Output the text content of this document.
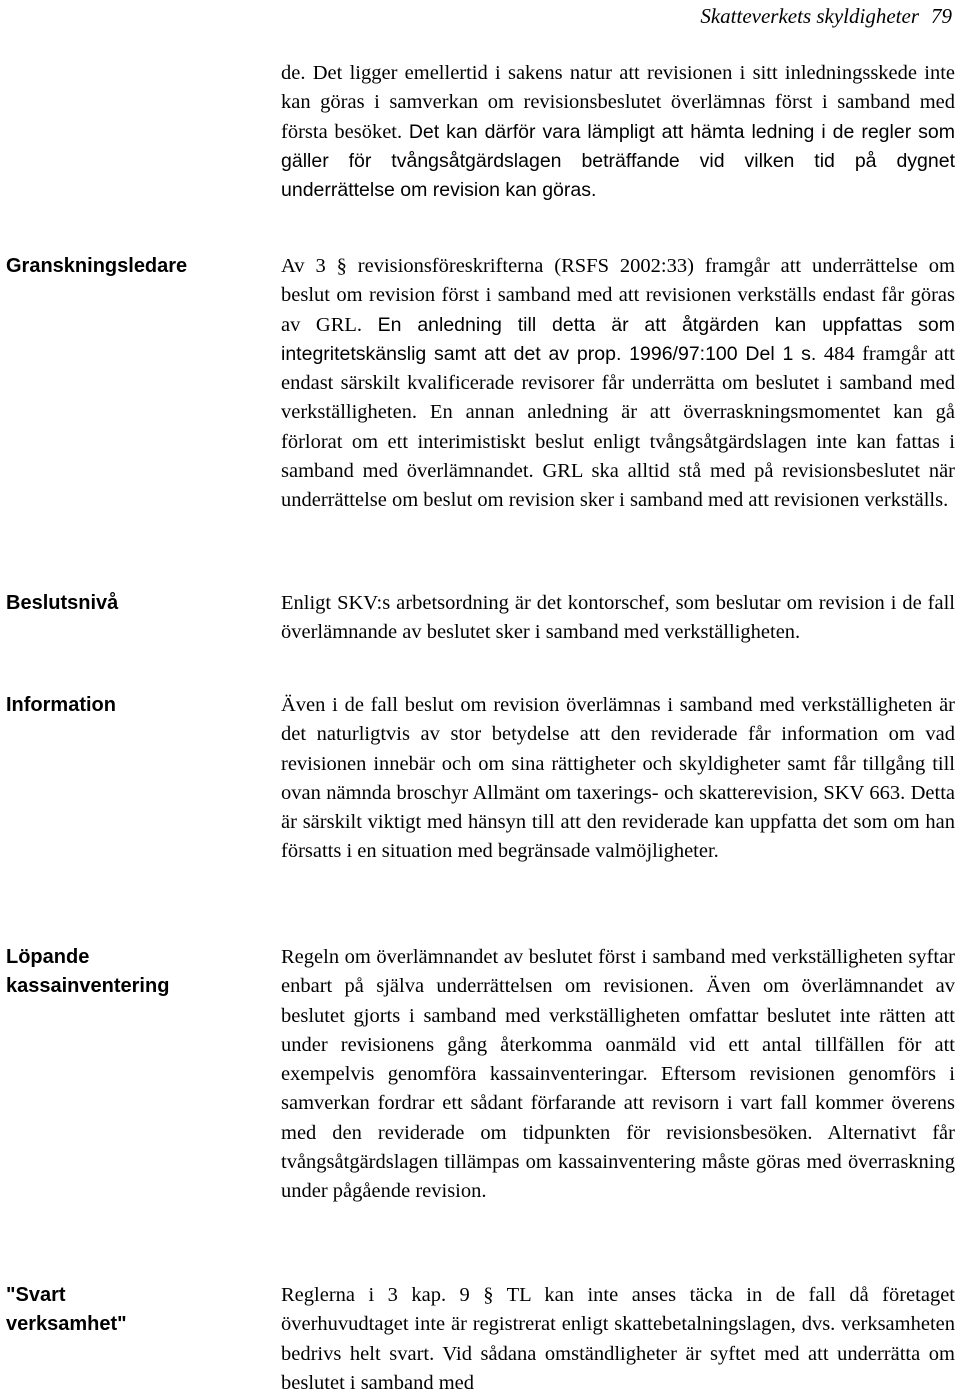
Skatteverkets skyldigheter 79
Granskningsledare
Beslutsnivå
Information
Löpande
kassainventering
"Svart
verksamhet"
de. Det ligger emellertid i sakens natur att revisionen i sitt inledningsskede inte kan göras i samverkan om revisionsbeslutet överlämnas först i samband med första besöket. Det kan därför vara lämpligt att hämta ledning i de regler som gäller för tvångsåtgärdslagen beträffande vid vilken tid på dygnet underrättelse om revision kan göras.
Av 3 § revisionsföreskrifterna (RSFS 2002:33) framgår att underrättelse om beslut om revision först i samband med att revisionen verkställs endast får göras av GRL. En anledning till detta är att åtgärden kan uppfattas som integritetskänslig samt att det av prop. 1996/97:100 Del 1 s. 484 framgår att endast särskilt kvalificerade revisorer får underrätta om beslutet i samband med verkställigheten. En annan anledning är att överraskningsmomentet kan gå förlorat om ett interimistiskt beslut enligt tvångsåtgärdslagen inte kan fattas i samband med överlämnandet. GRL ska alltid stå med på revisionsbeslutet när underrättelse om beslut om revision sker i samband med att revisionen verkställs.
Enligt SKV:s arbetsordning är det kontorschef, som beslutar om revision i de fall överlämnande av beslutet sker i samband med verkställigheten.
Även i de fall beslut om revision överlämnas i samband med verkställigheten är det naturligtvis av stor betydelse att den reviderade får information om vad revisionen innebär och om sina rättigheter och skyldigheter samt får tillgång till ovan nämnda broschyr Allmänt om taxerings- och skatterevision, SKV 663. Detta är särskilt viktigt med hänsyn till att den reviderade kan uppfatta det som om han försatts i en situation med begränsade valmöjligheter.
Regeln om överlämnandet av beslutet först i samband med verkställigheten syftar enbart på själva underrättelsen om revisionen. Även om överlämnandet av beslutet gjorts i samband med verkställigheten omfattar beslutet inte rätten att under revisionens gång återkomma oanmäld vid ett antal tillfällen för att exempelvis genomföra kassainventeringar. Eftersom revisionen genomförs i samverkan fordrar ett sådant förfarande att revisorn i vart fall kommer överens med den reviderade om tidpunkten för revisionsbesöken. Alternativt får tvångsåtgärdslagen tillämpas om kassainventering måste göras med överraskning under pågående revision.
Reglerna i 3 kap. 9 § TL kan inte anses täcka in de fall då företaget överhuvudtaget inte är registrerat enligt skattebetalningslagen, dvs. verksamheten bedrivs helt svart. Vid sådana omständligheter är syftet med att underrätta om beslutet i samband med
